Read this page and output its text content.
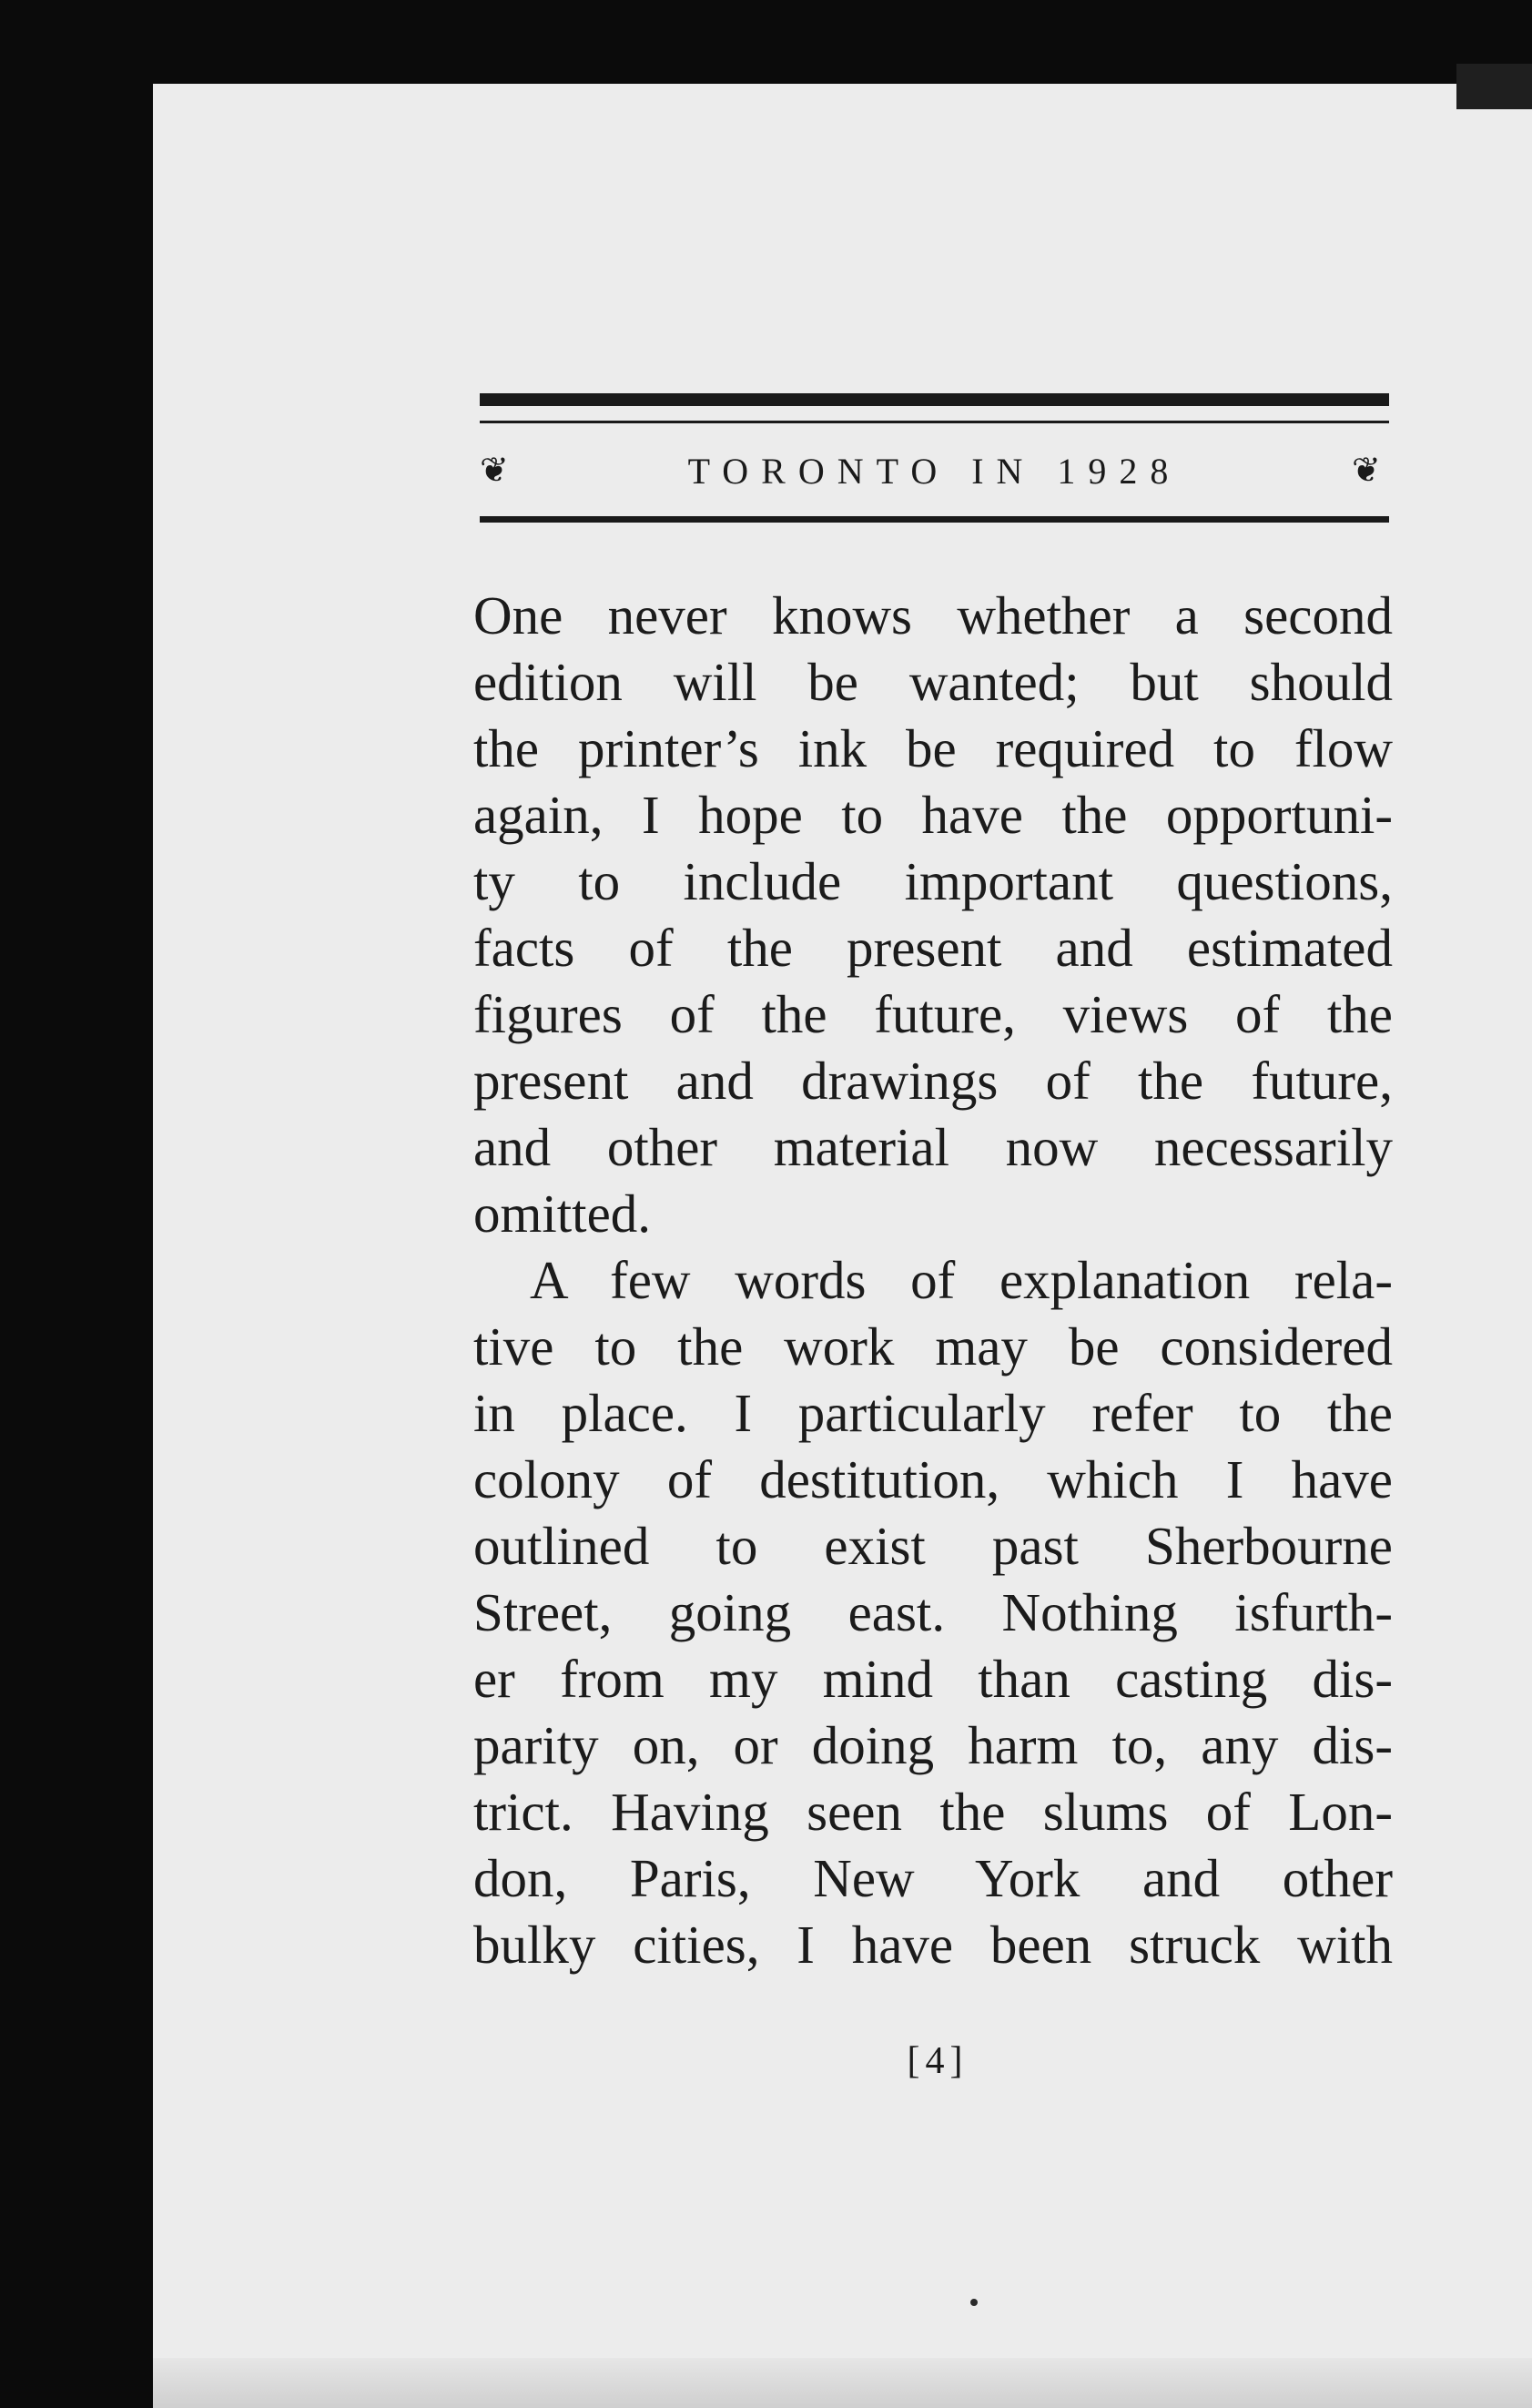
❦	TORONTO IN 1928	❦
One never knows whether a second
edition will be wanted; but should
the printer’s ink be required to flow
again, I hope to have the opportuni-
ty to include important questions,
facts of the present and estimated
figures of the future, views of the
present and drawings of the future,
and other material now necessarily
omitted.
A few words of explanation rela-
tive to the work may be considered
in place. I particularly refer to the
colony of destitution, which I have
outlined to exist past Sherbourne
Street, going east. Nothing isfurth-
er from my mind than casting dis-
parity on, or doing harm to, any dis-
trict. Having seen the slums of Lon-
don, Paris, New York and other
bulky cities, I have been struck with
[4]
